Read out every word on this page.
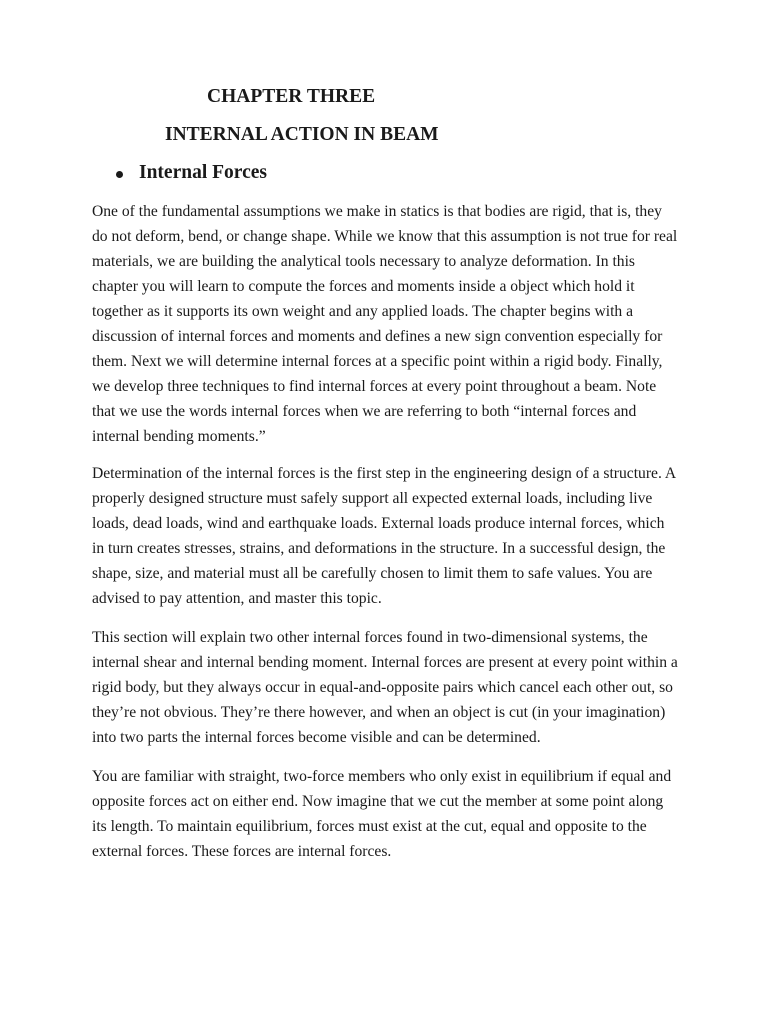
CHAPTER THREE
INTERNAL ACTION IN BEAM
Internal Forces

One of the fundamental assumptions we make in statics is that bodies are rigid, that is, they
do not deform, bend, or change shape. While we know that this assumption is not true for real
materials, we are building the analytical tools necessary to analyze deformation. In this
chapter you will learn to compute the forces and moments inside a object which hold it
together as it supports its own weight and any applied loads. The chapter begins with a
discussion of internal forces and moments and defines a new sign convention especially for
them. Next we will determine internal forces at a specific point within a rigid body. Finally,
we develop three techniques to find internal forces at every point throughout a beam. Note
that we use the words internal forces when we are referring to both “internal forces and
internal bending moments.”

Determination of the internal forces is the first step in the engineering design of a structure. A
properly designed structure must safely support all expected external loads, including live
loads, dead loads, wind and earthquake loads. External loads produce internal forces, which
in turn creates stresses, strains, and deformations in the structure. In a successful design, the
shape, size, and material must all be carefully chosen to limit them to safe values. You are
advised to pay attention, and master this topic.

This section will explain two other internal forces found in two-dimensional systems, the
internal shear and internal bending moment. Internal forces are present at every point within a
rigid body, but they always occur in equal-and-opposite pairs which cancel each other out, so
they’re not obvious. They’re there however, and when an object is cut (in your imagination)
into two parts the internal forces become visible and can be determined.

You are familiar with straight, two-force members who only exist in equilibrium if equal and
opposite forces act on either end. Now imagine that we cut the member at some point along
its length. To maintain equilibrium, forces must exist at the cut, equal and opposite to the
external forces. These forces are internal forces.
